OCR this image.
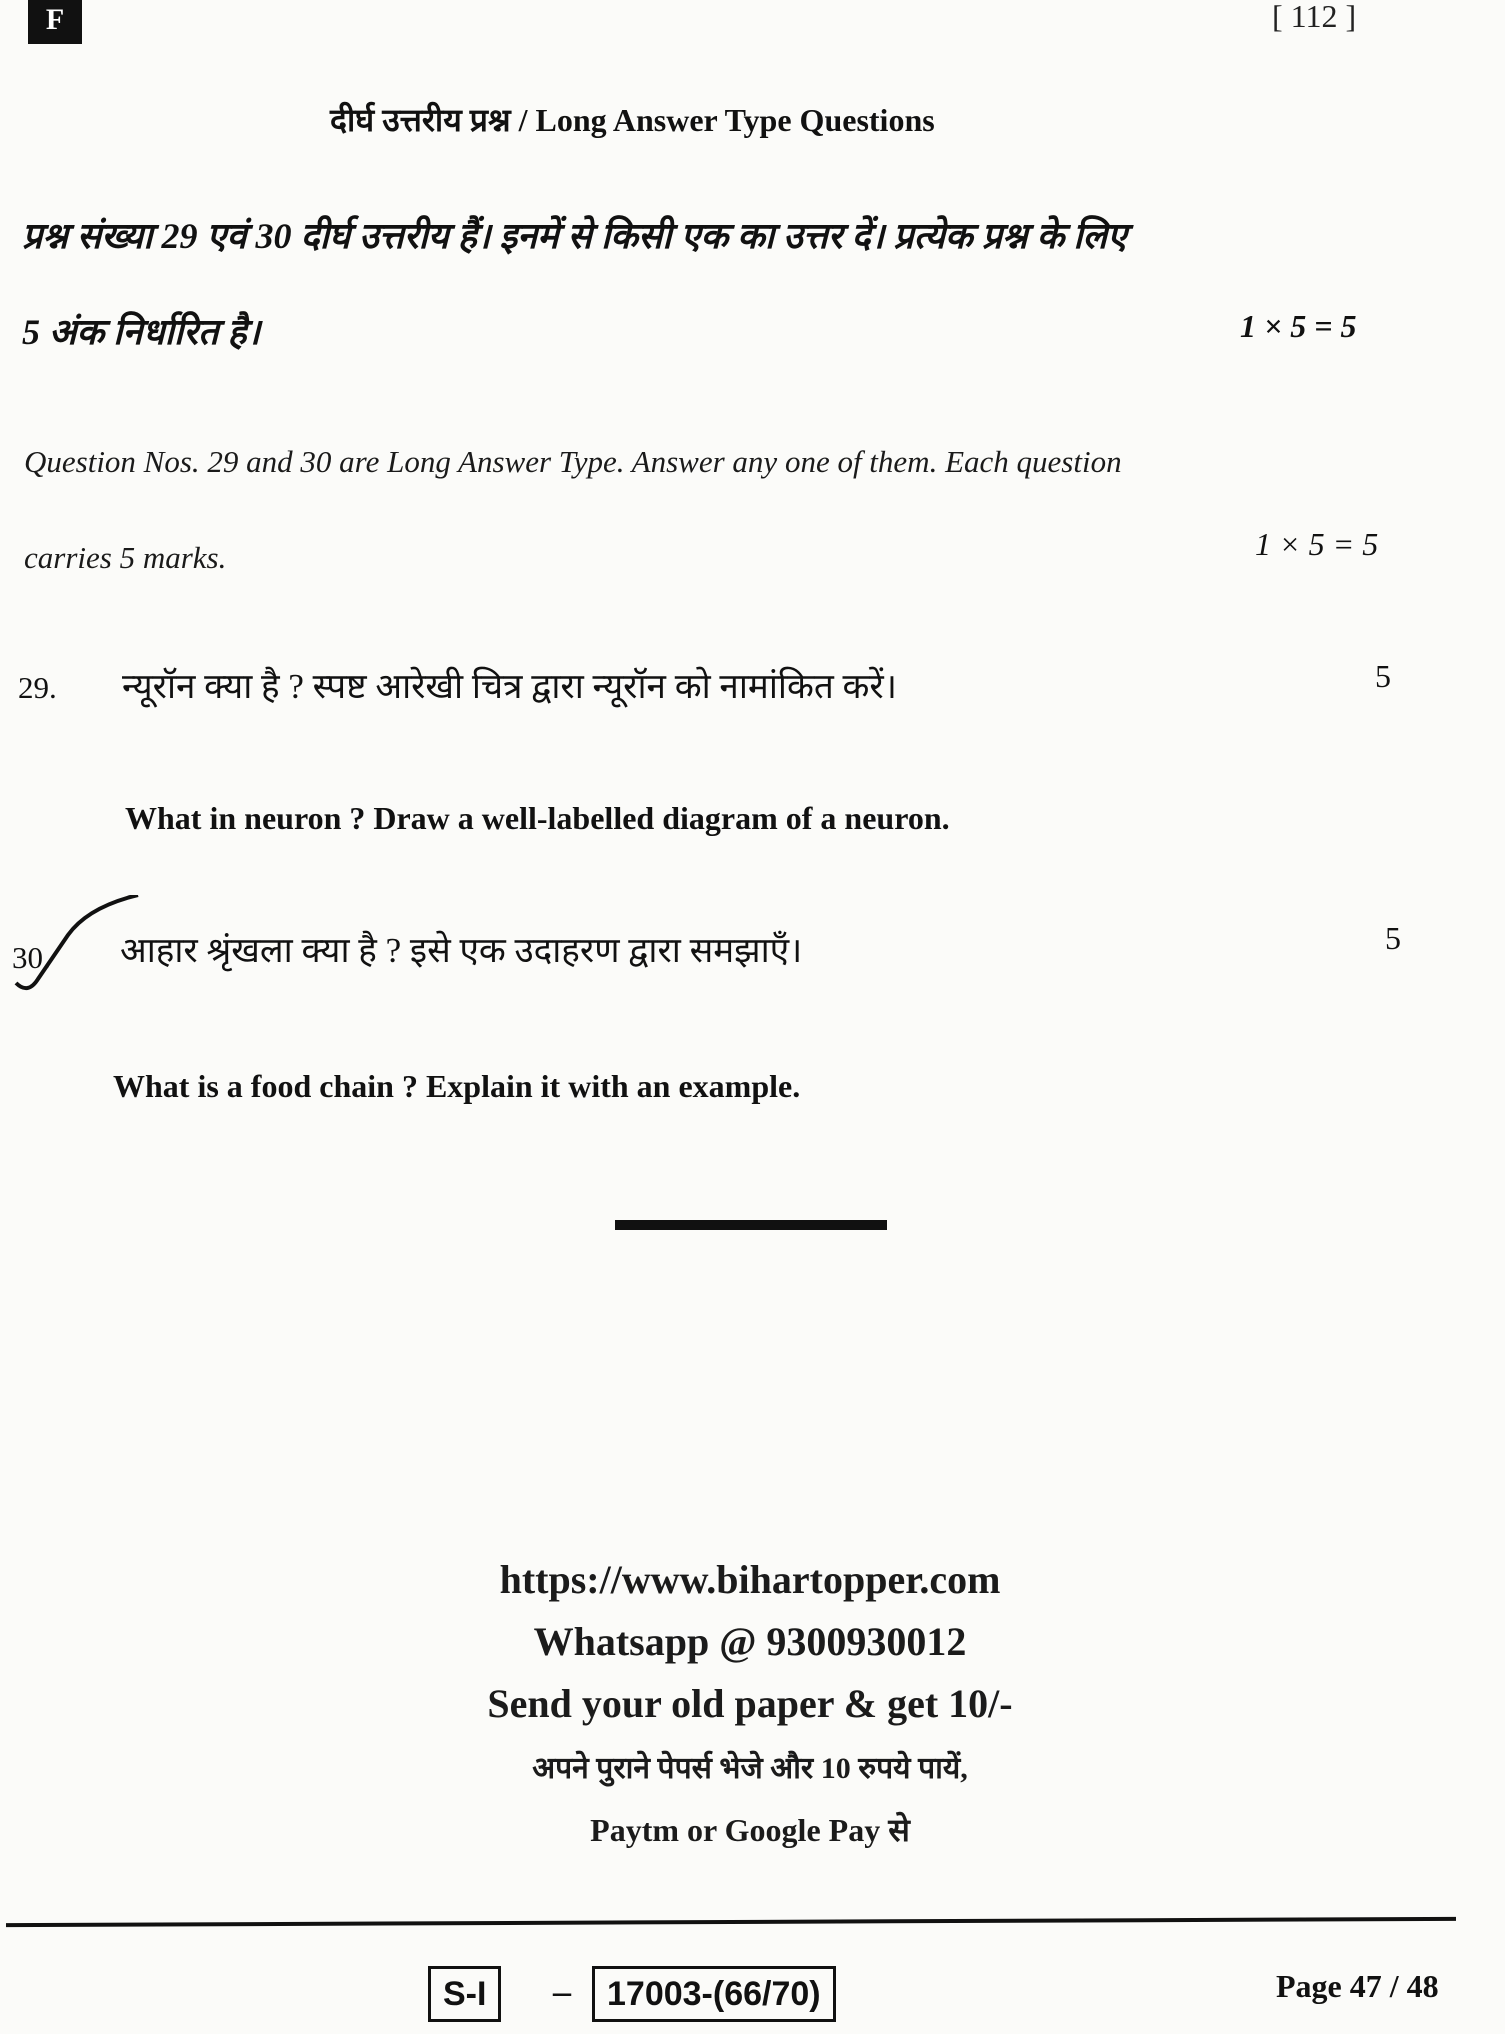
F	[ 112 ]
दीर्घ उत्तरीय प्रश्न / Long Answer Type Questions
प्रश्न संख्या 29 एवं 30 दीर्घ उत्तरीय हैं। इनमें से किसी एक का उत्तर दें। प्रत्येक प्रश्न के लिए
5 अंक निर्धारित है।	1 × 5 = 5
Question Nos. 29 and 30 are Long Answer Type. Answer any one of them. Each question
carries 5 marks.	1 × 5 = 5
29. न्यूरॉन क्या है ? स्पष्ट आरेखी चित्र द्वारा न्यूरॉन को नामांकित करें।	5
What in neuron ? Draw a well-labelled diagram of a neuron.
30. आहार श्रृंखला क्या है ? इसे एक उदाहरण द्वारा समझाएँ।	5
What is a food chain ? Explain it with an example.
https://www.bihartopper.com
Whatsapp @ 9300930012
Send your old paper & get 10/-
अपने पुराने पेपर्स भेजे और 10 रुपये पायें,
Paytm or Google Pay से
S-I	–	17003-(66/70)	Page 47 / 48
